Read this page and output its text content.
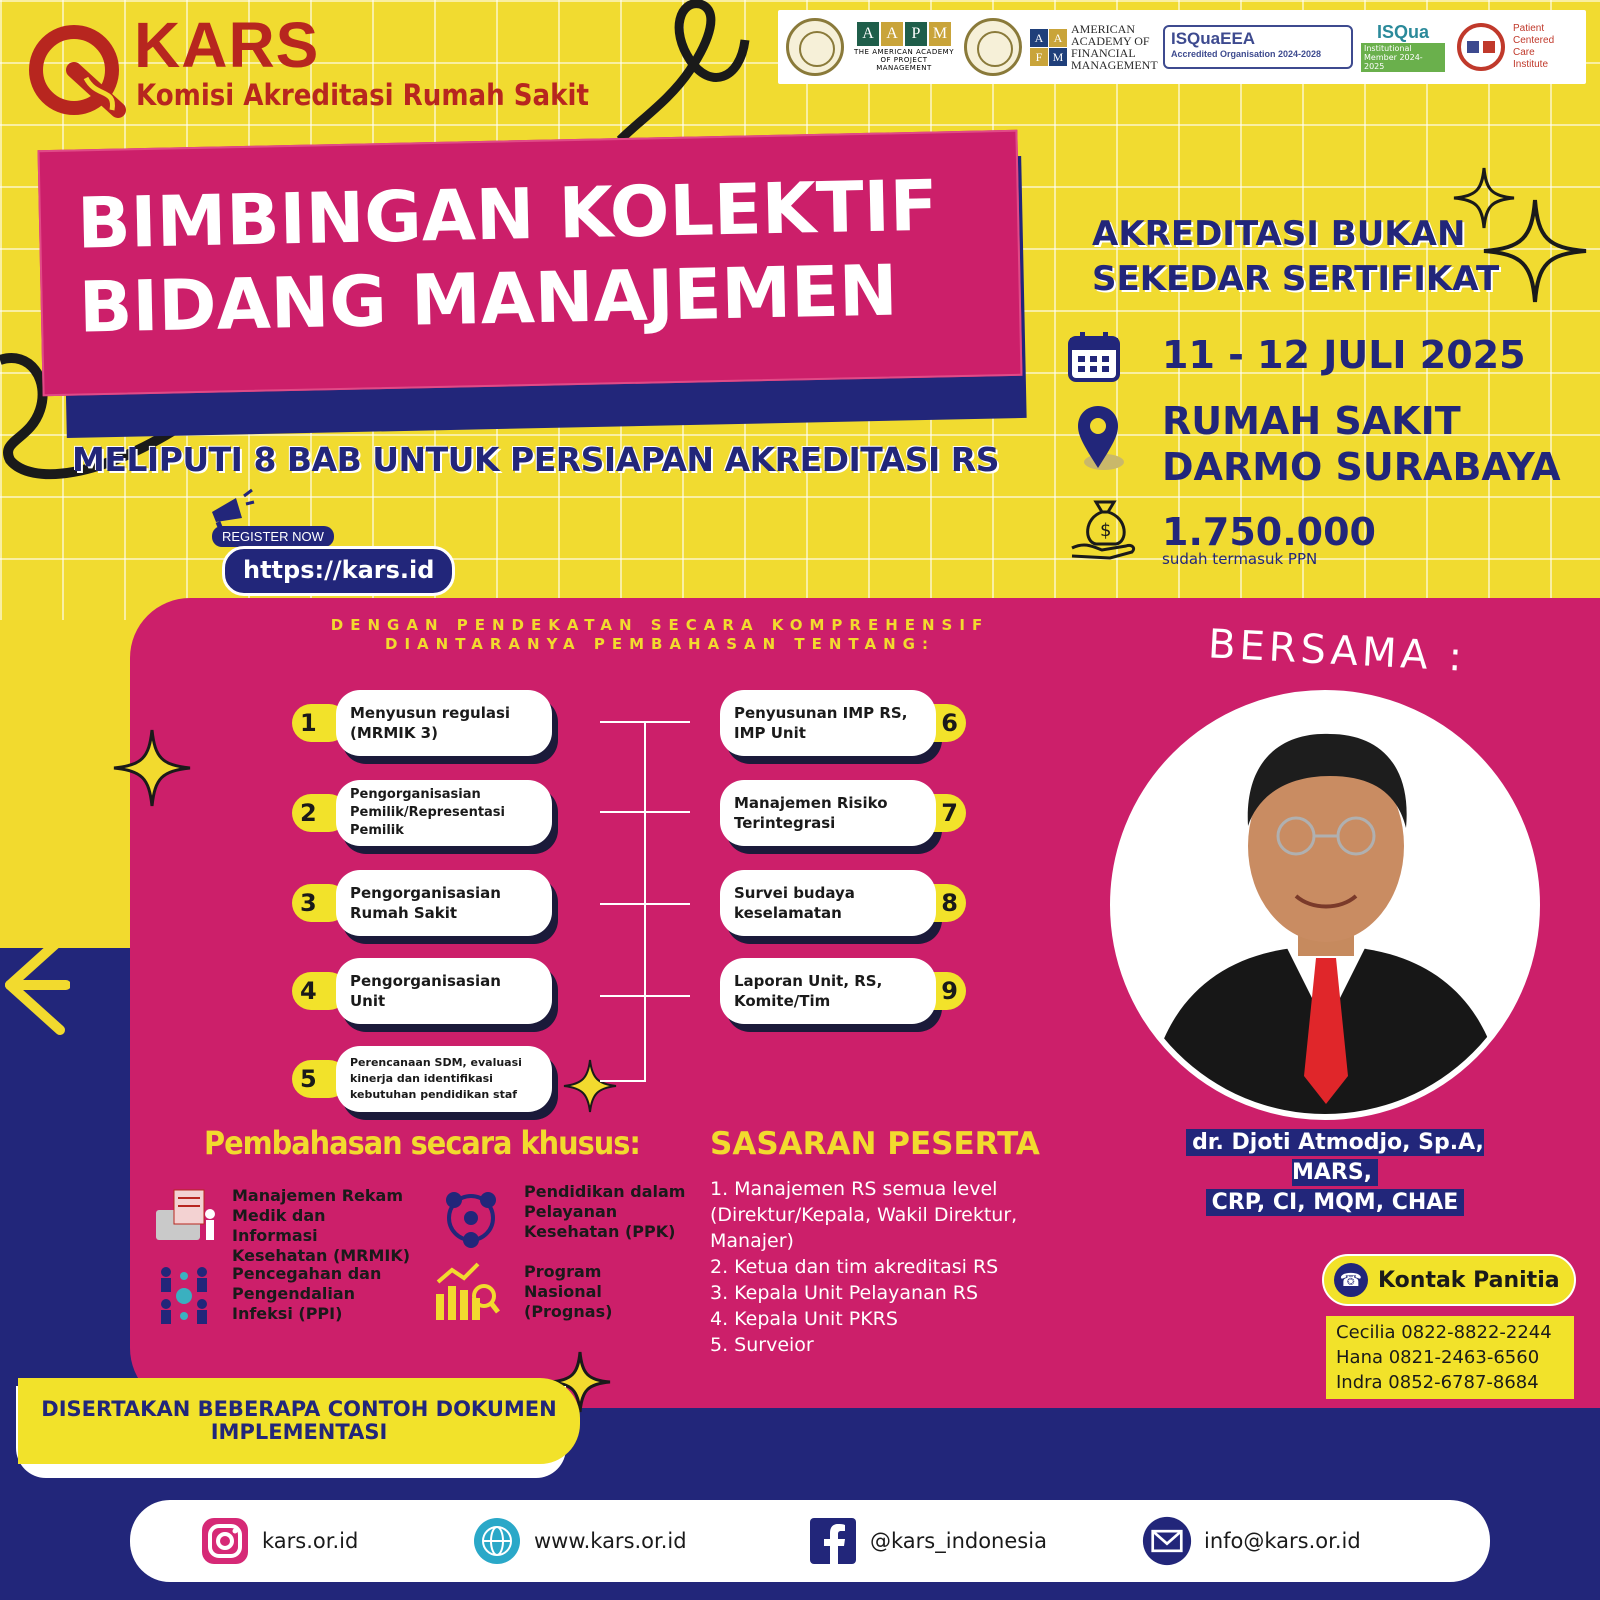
KARS
Komisi Akreditasi Rumah Sakit
A A P M
THE AMERICAN ACADEMY OF PROJECT MANAGEMENT
A A
F M
AMERICAN ACADEMY OF FINANCIAL MANAGEMENT
ISQuaEEA
Accredited Organisation 2024-2028
ISQua
Institutional Member 2024-2025
Patient Centered Care Institute
BIMBINGAN KOLEKTIF
BIDANG MANAJEMEN
MELIPUTI 8 BAB UNTUK PERSIAPAN AKREDITASI RS
REGISTER NOW
https://kars.id
AKREDITASI BUKAN
SEKEDAR SERTIFIKAT
11 - 12 JULI 2025
RUMAH SAKIT
DARMO SURABAYA
$ 1.750.000
sudah termasuk PPN
DENGAN PENDEKATAN SECARA KOMPREHENSIF
DIANTARANYA PEMBAHASAN TENTANG:
1	Menyusun regulasi (MRMIK 3)
2
Pengorganisasian Pemilik/Representasi Pemilik
3	Pengorganisasian Rumah Sakit
4	Pengorganisasian Unit
5
Perencanaan SDM, evaluasi kinerja dan identifikasi kebutuhan pendidikan staf
6
Penyusunan IMP RS, IMP Unit
7
Manajemen Risiko Terintegrasi
8
Survei budaya keselamatan
9
Laporan Unit, RS, Komite/Tim
Pembahasan secara khusus:
Manajemen Rekam Medik dan Informasi Kesehatan (MRMIK)
Pendidikan dalam Pelayanan Kesehatan (PPK)
Pencegahan dan Pengendalian Infeksi (PPI)
Program Nasional (Prognas)
SASARAN PESERTA
1. Manajemen RS semua level (Direktur/Kepala, Wakil Direktur, Manajer)
2. Ketua dan tim akreditasi RS
3. Kepala Unit Pelayanan RS
4. Kepala Unit PKRS
5. Surveior
BERSAMA :
dr. Djoti Atmodjo, Sp.A, MARS,
CRP, CI, MQM, CHAE
☎ Kontak Panitia
Cecilia 0822-8822-2244
Hana 0821-2463-6560
Indra 0852-6787-8684
DISERTAKAN BEBERAPA CONTOH DOKUMEN IMPLEMENTASI
kars.or.id	www.kars.or.id	@kars_indonesia	info@kars.or.id
